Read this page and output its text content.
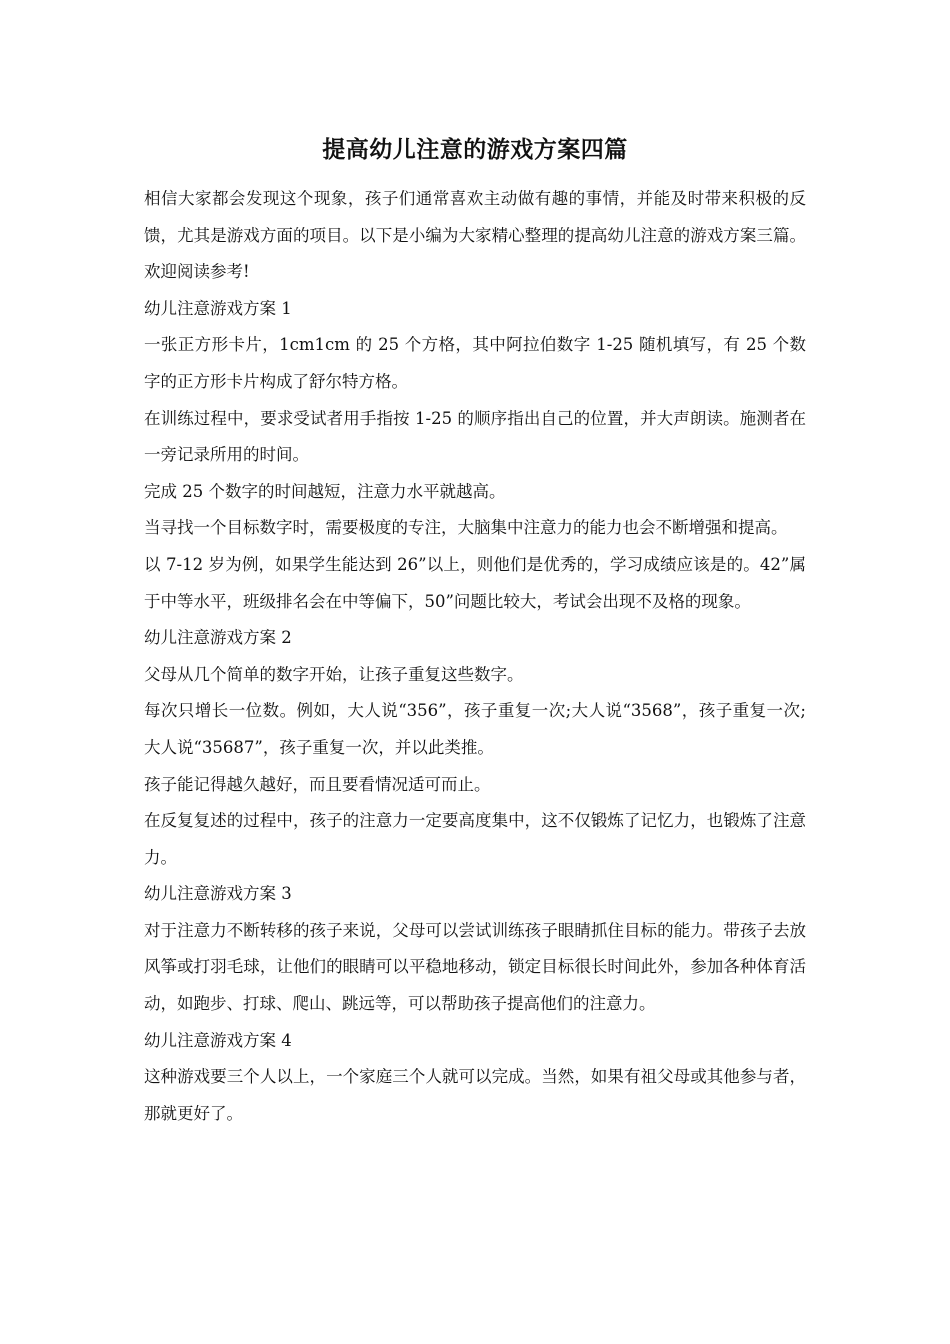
提高幼儿注意的游戏方案四篇

相信大家都会发现这个现象，孩子们通常喜欢主动做有趣的事情，并能及时带来积极的反馈，尤其是游戏方面的项目。以下是小编为大家精心整理的提高幼儿注意的游戏方案三篇。欢迎阅读参考!

幼儿注意游戏方案 1

一张正方形卡片，1cm1cm 的 25 个方格，其中阿拉伯数字 1-25 随机填写，有 25 个数字的正方形卡片构成了舒尔特方格。

在训练过程中，要求受试者用手指按 1-25 的顺序指出自己的位置，并大声朗读。施测者在一旁记录所用的时间。

完成 25 个数字的时间越短，注意力水平就越高。

当寻找一个目标数字时，需要极度的专注，大脑集中注意力的能力也会不断增强和提高。

以 7-12 岁为例，如果学生能达到 26”以上，则他们是优秀的，学习成绩应该是的。42”属于中等水平，班级排名会在中等偏下，50”问题比较大，考试会出现不及格的现象。

幼儿注意游戏方案 2

父母从几个简单的数字开始，让孩子重复这些数字。

每次只增长一位数。例如，大人说“356”，孩子重复一次;大人说“3568”，孩子重复一次;大人说“35687”，孩子重复一次，并以此类推。

孩子能记得越久越好，而且要看情况适可而止。

在反复复述的过程中，孩子的注意力一定要高度集中，这不仅锻炼了记忆力，也锻炼了注意力。

幼儿注意游戏方案 3

对于注意力不断转移的孩子来说，父母可以尝试训练孩子眼睛抓住目标的能力。带孩子去放风筝或打羽毛球，让他们的眼睛可以平稳地移动，锁定目标很长时间此外，参加各种体育活动，如跑步、打球、爬山、跳远等，可以帮助孩子提高他们的注意力。

幼儿注意游戏方案 4

这种游戏要三个人以上，一个家庭三个人就可以完成。当然，如果有祖父母或其他参与者，那就更好了。
